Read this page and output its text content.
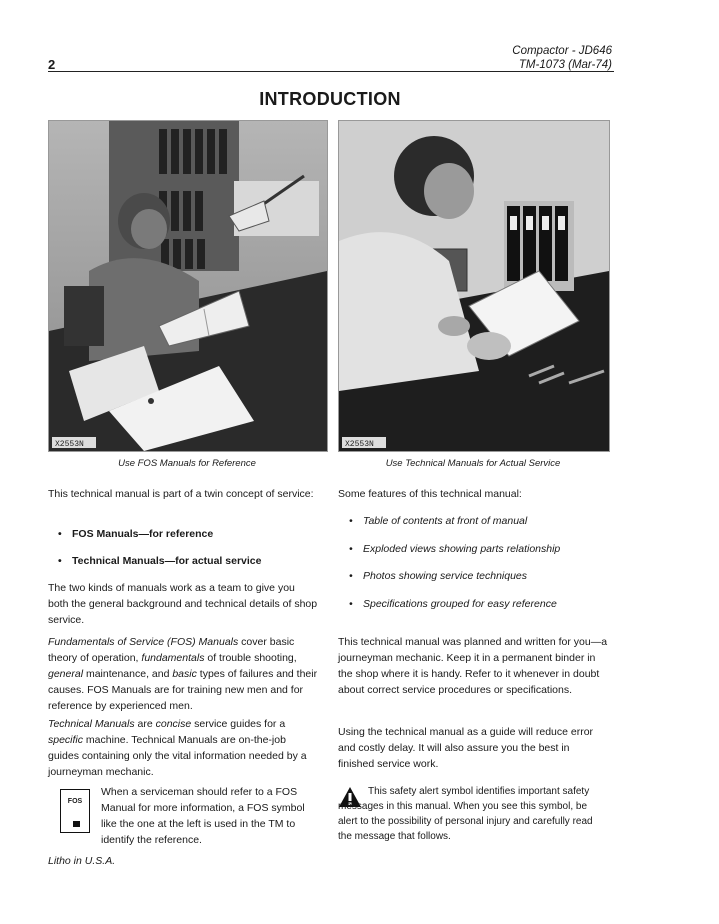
2
Compactor - JD646
TM-1073 (Mar-74)
INTRODUCTION
X2553N
Use FOS Manuals for Reference
X2553N
Use Technical Manuals for Actual Service
This technical manual is part of a twin concept of service:
• FOS Manuals—for reference
• Technical Manuals—for actual service
The two kinds of manuals work as a team to give you both the general background and technical details of shop service.
Fundamentals of Service (FOS) Manuals cover basic theory of operation, fundamentals of trouble shooting, general maintenance, and basic types of failures and their causes. FOS Manuals are for training new men and for reference by experienced men.
Technical Manuals are concise service guides for a specific machine. Technical Manuals are on-the-job guides containing only the vital information needed by a journeyman mechanic.
FOS
When a serviceman should refer to a FOS Manual for more information, a FOS symbol like the one at the left is used in the TM to identify the reference.
Some features of this technical manual:
• Table of contents at front of manual
• Exploded views showing parts relationship
• Photos showing service techniques
• Specifications grouped for easy reference
This technical manual was planned and written for you—a journeyman mechanic. Keep it in a permanent binder in the shop where it is handy. Refer to it whenever in doubt about correct service procedures or specifications.
Using the technical manual as a guide will reduce error and costly delay. It will also assure you the best in finished service work.
This safety alert symbol identifies important safety messages in this manual. When you see this symbol, be alert to the possibility of personal injury and carefully read the message that follows.
Litho in U.S.A.
